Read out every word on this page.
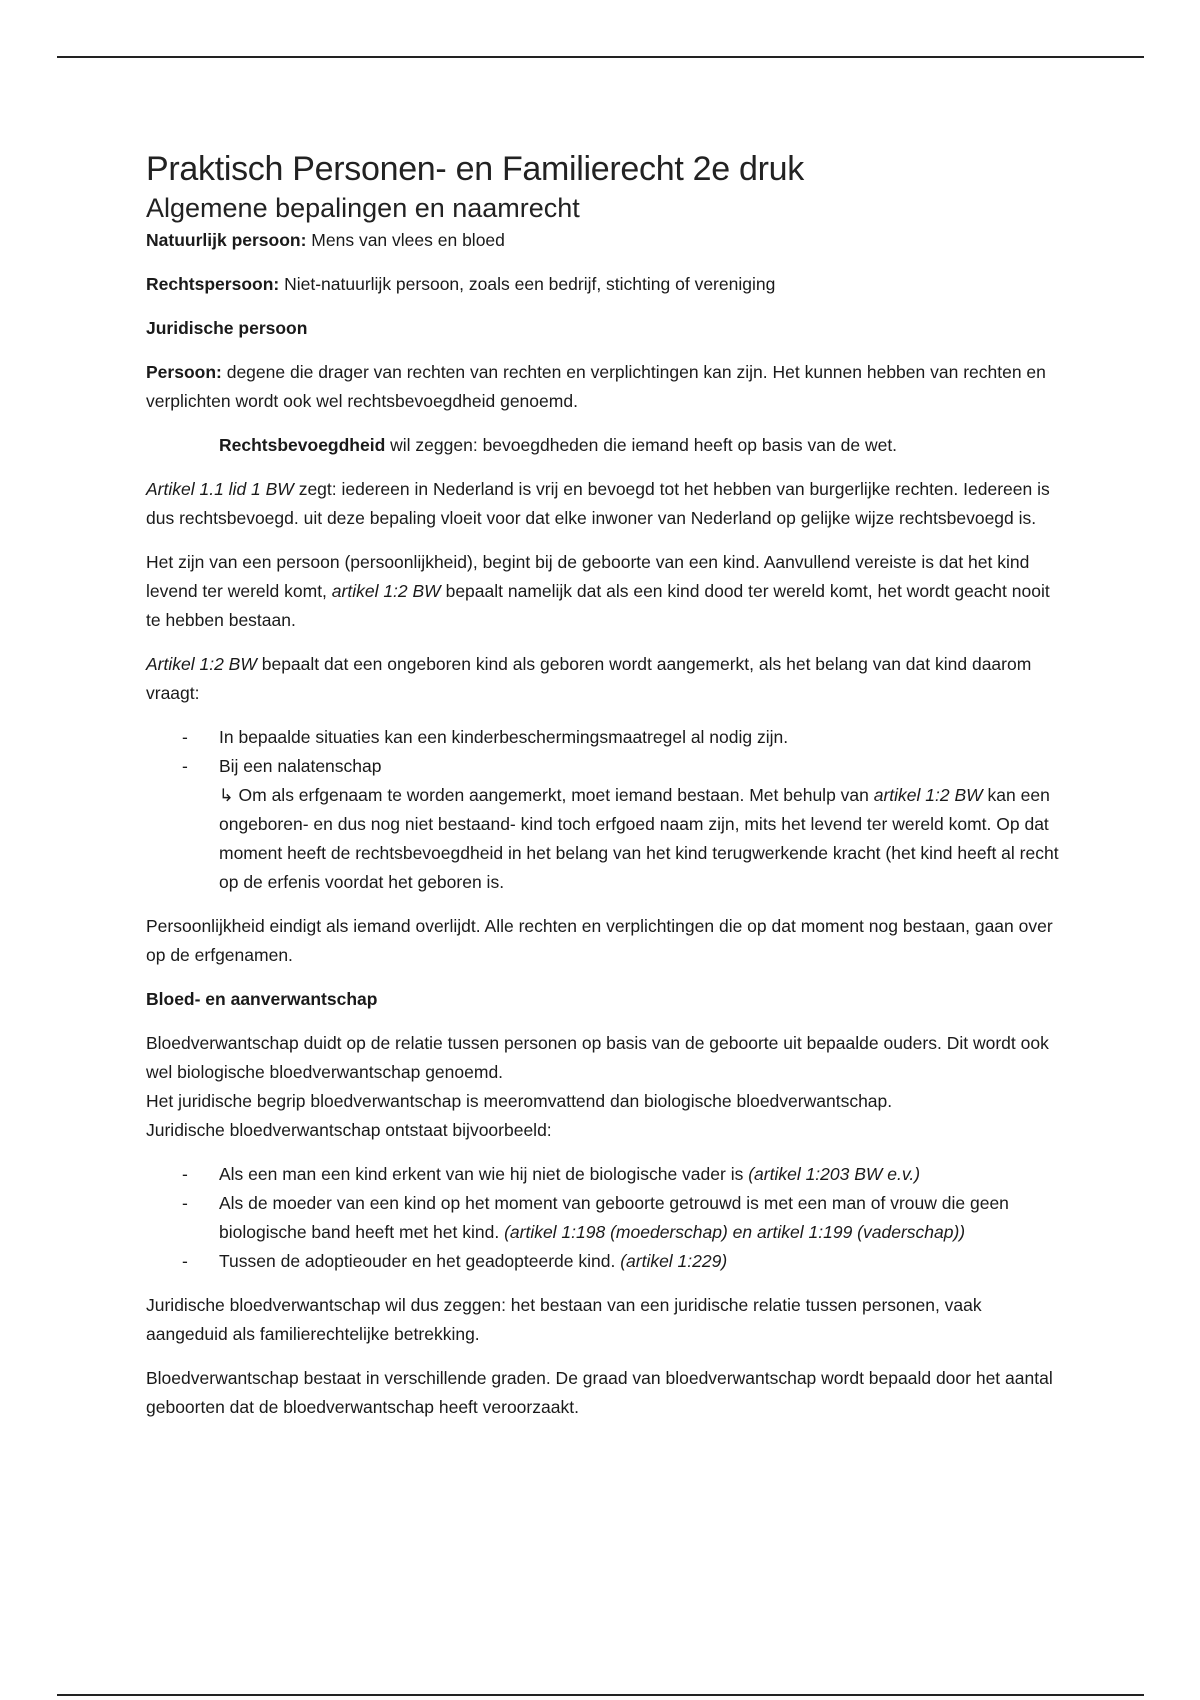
Praktisch Personen- en Familierecht 2e druk
Algemene bepalingen en naamrecht

Natuurlijk persoon: Mens van vlees en bloed

Rechtspersoon: Niet-natuurlijk persoon, zoals een bedrijf, stichting of vereniging

Juridische persoon

Persoon: degene die drager van rechten van rechten en verplichtingen kan zijn. Het kunnen hebben van rechten en verplichten wordt ook wel rechtsbevoegdheid genoemd.

Rechtsbevoegdheid wil zeggen: bevoegdheden die iemand heeft op basis van de wet.

Artikel 1.1 lid 1 BW zegt: iedereen in Nederland is vrij en bevoegd tot het hebben van burgerlijke rechten. Iedereen is dus rechtsbevoegd. uit deze bepaling vloeit voor dat elke inwoner van Nederland op gelijke wijze rechtsbevoegd is.

Het zijn van een persoon (persoonlijkheid), begint bij de geboorte van een kind. Aanvullend vereiste is dat het kind levend ter wereld komt, artikel 1:2 BW bepaalt namelijk dat als een kind dood ter wereld komt, het wordt geacht nooit te hebben bestaan.

Artikel 1:2 BW bepaalt dat een ongeboren kind als geboren wordt aangemerkt, als het belang van dat kind daarom vraagt:

- In bepaalde situaties kan een kinderbeschermingsmaatregel al nodig zijn.
- Bij een nalatenschap
↳ Om als erfgenaam te worden aangemerkt, moet iemand bestaan. Met behulp van artikel 1:2 BW kan een ongeboren- en dus nog niet bestaand- kind toch erfgoed naam zijn, mits het levend ter wereld komt. Op dat moment heeft de rechtsbevoegdheid in het belang van het kind terugwerkende kracht (het kind heeft al recht op de erfenis voordat het geboren is.

Persoonlijkheid eindigt als iemand overlijdt. Alle rechten en verplichtingen die op dat moment nog bestaan, gaan over op de erfgenamen.

Bloed- en aanverwantschap

Bloedverwantschap duidt op de relatie tussen personen op basis van de geboorte uit bepaalde ouders. Dit wordt ook wel biologische bloedverwantschap genoemd.
Het juridische begrip bloedverwantschap is meeromvattend dan biologische bloedverwantschap.
Juridische bloedverwantschap ontstaat bijvoorbeeld:

- Als een man een kind erkent van wie hij niet de biologische vader is (artikel 1:203 BW e.v.)
- Als de moeder van een kind op het moment van geboorte getrouwd is met een man of vrouw die geen biologische band heeft met het kind. (artikel 1:198 (moederschap) en artikel 1:199 (vaderschap))
- Tussen de adoptieouder en het geadopteerde kind. (artikel 1:229)

Juridische bloedverwantschap wil dus zeggen: het bestaan van een juridische relatie tussen personen, vaak aangeduid als familierechtelijke betrekking.

Bloedverwantschap bestaat in verschillende graden. De graad van bloedverwantschap wordt bepaald door het aantal geboorten dat de bloedverwantschap heeft veroorzaakt.
